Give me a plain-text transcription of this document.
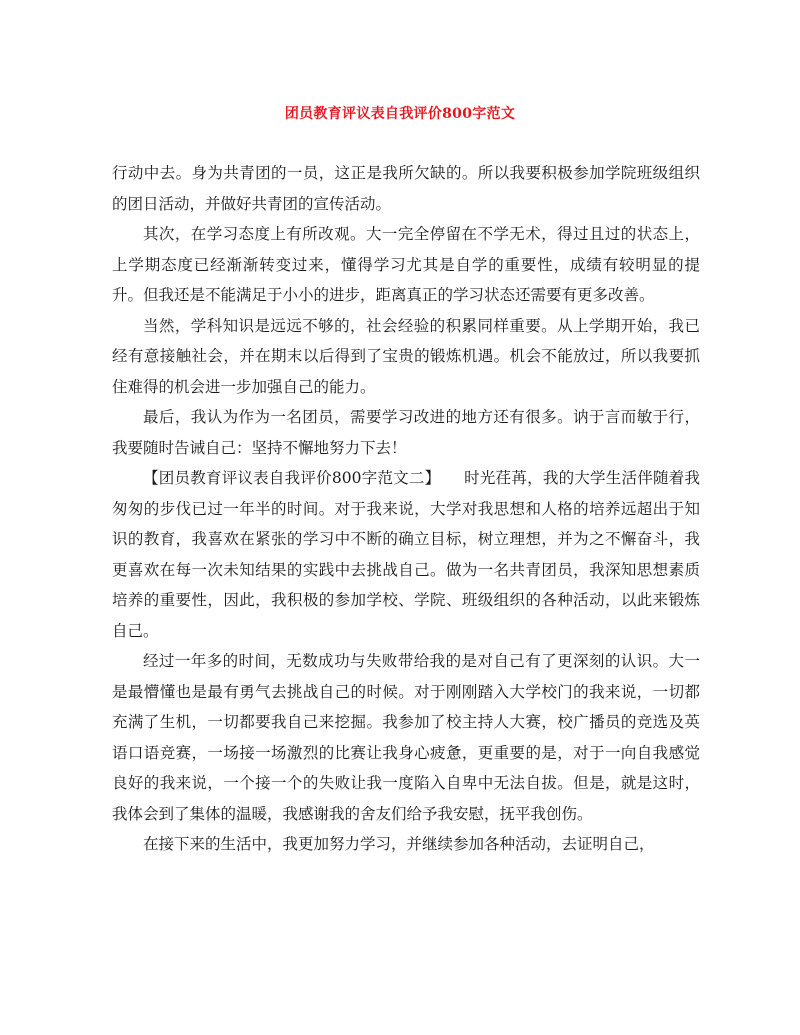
团员教育评议表自我评价800字范文

行动中去。身为共青团的一员，这正是我所欠缺的。所以我要积极参加学院班级组织的团日活动，并做好共青团的宣传活动。

其次，在学习态度上有所改观。大一完全停留在不学无术，得过且过的状态上，上学期态度已经渐渐转变过来，懂得学习尤其是自学的重要性，成绩有较明显的提升。但我还是不能满足于小小的进步，距离真正的学习状态还需要有更多改善。

当然，学科知识是远远不够的，社会经验的积累同样重要。从上学期开始，我已经有意接触社会，并在期末以后得到了宝贵的锻炼机遇。机会不能放过，所以我要抓住难得的机会进一步加强自己的能力。

最后，我认为作为一名团员，需要学习改进的地方还有很多。讷于言而敏于行，我要随时告诫自己：坚持不懈地努力下去！

【团员教育评议表自我评价800字范文二】　　时光荏苒，我的大学生活伴随着我匆匆的步伐已过一年半的时间。对于我来说，大学对我思想和人格的培养远超出于知识的教育，我喜欢在紧张的学习中不断的确立目标，树立理想，并为之不懈奋斗，我更喜欢在每一次未知结果的实践中去挑战自己。做为一名共青团员，我深知思想素质培养的重要性，因此，我积极的参加学校、学院、班级组织的各种活动，以此来锻炼自己。

经过一年多的时间，无数成功与失败带给我的是对自己有了更深刻的认识。大一是最懵懂也是最有勇气去挑战自己的时候。对于刚刚踏入大学校门的我来说，一切都充满了生机，一切都要我自己来挖掘。我参加了校主持人大赛，校广播员的竞选及英语口语竞赛，一场接一场激烈的比赛让我身心疲惫，更重要的是，对于一向自我感觉良好的我来说，一个接一个的失败让我一度陷入自卑中无法自拔。但是，就是这时，我体会到了集体的温暖，我感谢我的舍友们给予我安慰，抚平我创伤。

在接下来的生活中，我更加努力学习，并继续参加各种活动，去证明自己，
